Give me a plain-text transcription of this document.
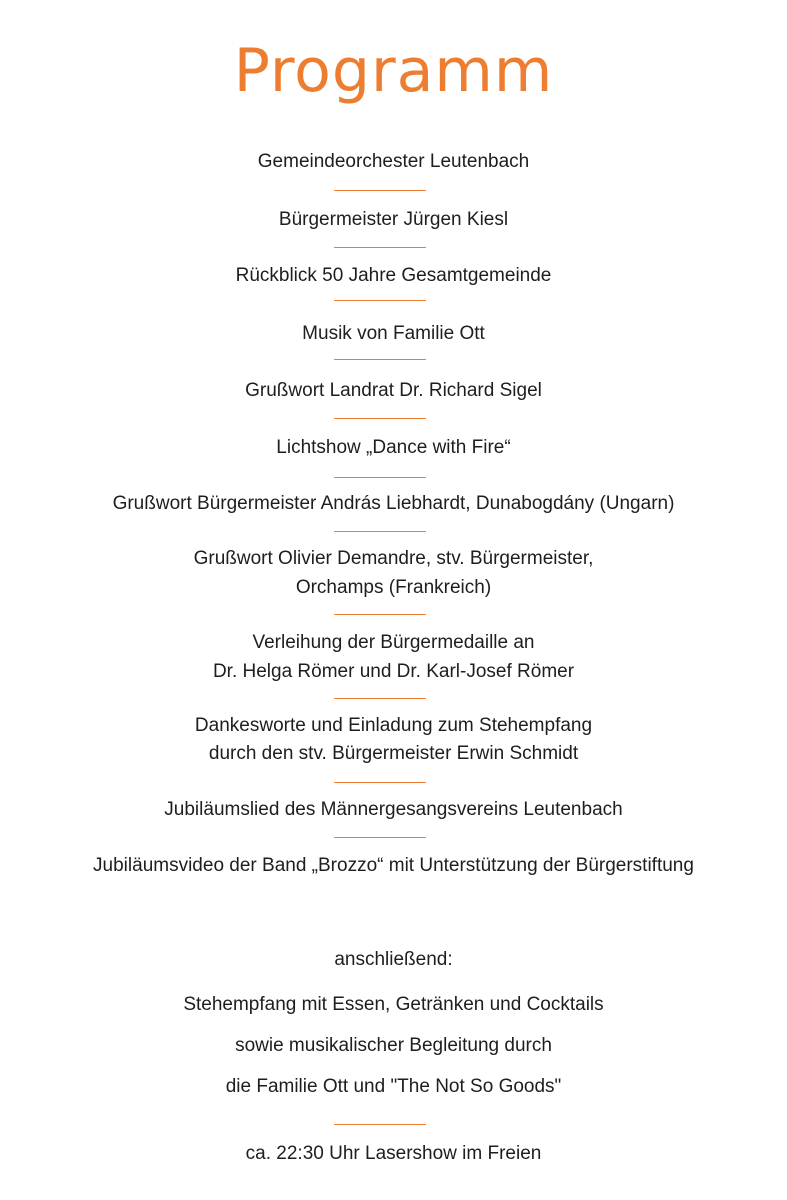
Programm
Gemeindeorchester Leutenbach
Bürgermeister Jürgen Kiesl
Rückblick 50 Jahre Gesamtgemeinde
Musik von Familie Ott
Grußwort Landrat Dr. Richard Sigel
Lichtshow „Dance with Fire“
Grußwort Bürgermeister András Liebhardt, Dunabogdány (Ungarn)
Grußwort Olivier Demandre, stv. Bürgermeister,
Orchamps (Frankreich)
Verleihung der Bürgermedaille an
Dr. Helga Römer und Dr. Karl-Josef Römer
Dankesworte und Einladung zum Stehempfang
durch den stv. Bürgermeister Erwin Schmidt
Jubiläumslied des Männergesangsvereins Leutenbach
Jubiläumsvideo der Band „Brozzo“ mit Unterstützung der Bürgerstiftung
anschließend:
Stehempfang mit Essen, Getränken und Cocktails
sowie musikalischer Begleitung durch
die Familie Ott und "The Not So Goods"
ca. 22:30 Uhr Lasershow im Freien
